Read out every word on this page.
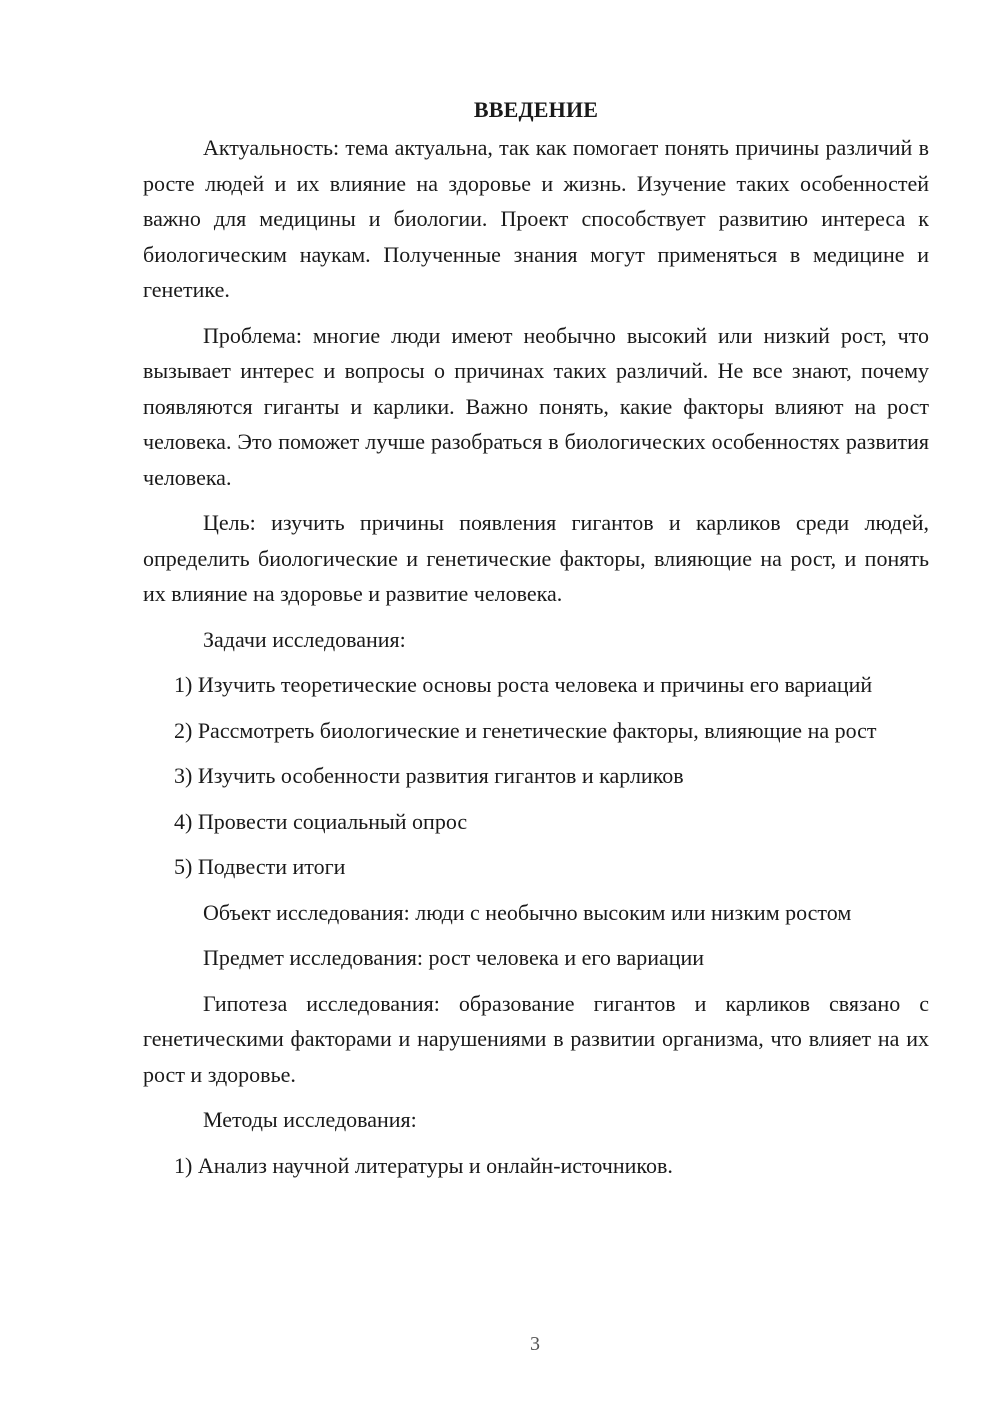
ВВЕДЕНИЕ

Актуальность: тема актуальна, так как помогает понять причины различий в росте людей и их влияние на здоровье и жизнь. Изучение таких особенностей важно для медицины и биологии. Проект способствует развитию интереса к биологическим наукам. Полученные знания могут применяться в медицине и генетике.

Проблема: многие люди имеют необычно высокий или низкий рост, что вызывает интерес и вопросы о причинах таких различий. Не все знают, почему появляются гиганты и карлики. Важно понять, какие факторы влияют на рост человека. Это поможет лучше разобраться в биологических особенностях развития человека.

Цель: изучить причины появления гигантов и карликов среди людей, определить биологические и генетические факторы, влияющие на рост, и понять их влияние на здоровье и развитие человека.

Задачи исследования:

1) Изучить теоретические основы роста человека и причины его вариаций

2) Рассмотреть биологические и генетические факторы, влияющие на рост

3) Изучить особенности развития гигантов и карликов

4) Провести социальный опрос

5) Подвести итоги

Объект исследования: люди с необычно высоким или низким ростом

Предмет исследования: рост человека и его вариации

Гипотеза исследования: образование гигантов и карликов связано с генетическими факторами и нарушениями в развитии организма, что влияет на их рост и здоровье.

Методы исследования:

1) Анализ научной литературы и онлайн-источников.

3
